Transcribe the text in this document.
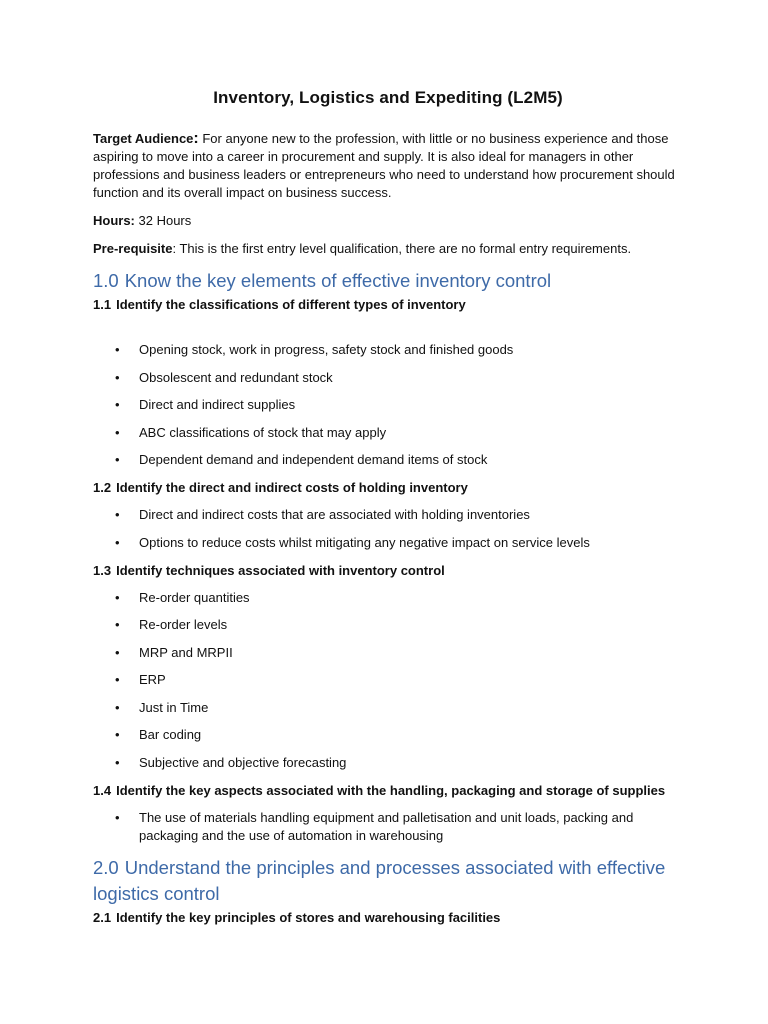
Inventory, Logistics and Expediting (L2M5)

Target Audience: For anyone new to the profession, with little or no business experience and those aspiring to move into a career in procurement and supply. It is also ideal for managers in other professions and business leaders or entrepreneurs who need to understand how procurement should function and its overall impact on business success.

Hours: 32 Hours

Pre-requisite: This is the first entry level qualification, there are no formal entry requirements.

1.0 Know the key elements of effective inventory control
1.1 Identify the classifications of different types of inventory
• Opening stock, work in progress, safety stock and finished goods
• Obsolescent and redundant stock
• Direct and indirect supplies
• ABC classifications of stock that may apply
• Dependent demand and independent demand items of stock
1.2 Identify the direct and indirect costs of holding inventory
• Direct and indirect costs that are associated with holding inventories
• Options to reduce costs whilst mitigating any negative impact on service levels
1.3 Identify techniques associated with inventory control
• Re-order quantities
• Re-order levels
• MRP and MRPII
• ERP
• Just in Time
• Bar coding
• Subjective and objective forecasting
1.4 Identify the key aspects associated with the handling, packaging and storage of supplies
• The use of materials handling equipment and palletisation and unit loads, packing and packaging and the use of automation in warehousing
2.0 Understand the principles and processes associated with effective logistics control
2.1 Identify the key principles of stores and warehousing facilities
